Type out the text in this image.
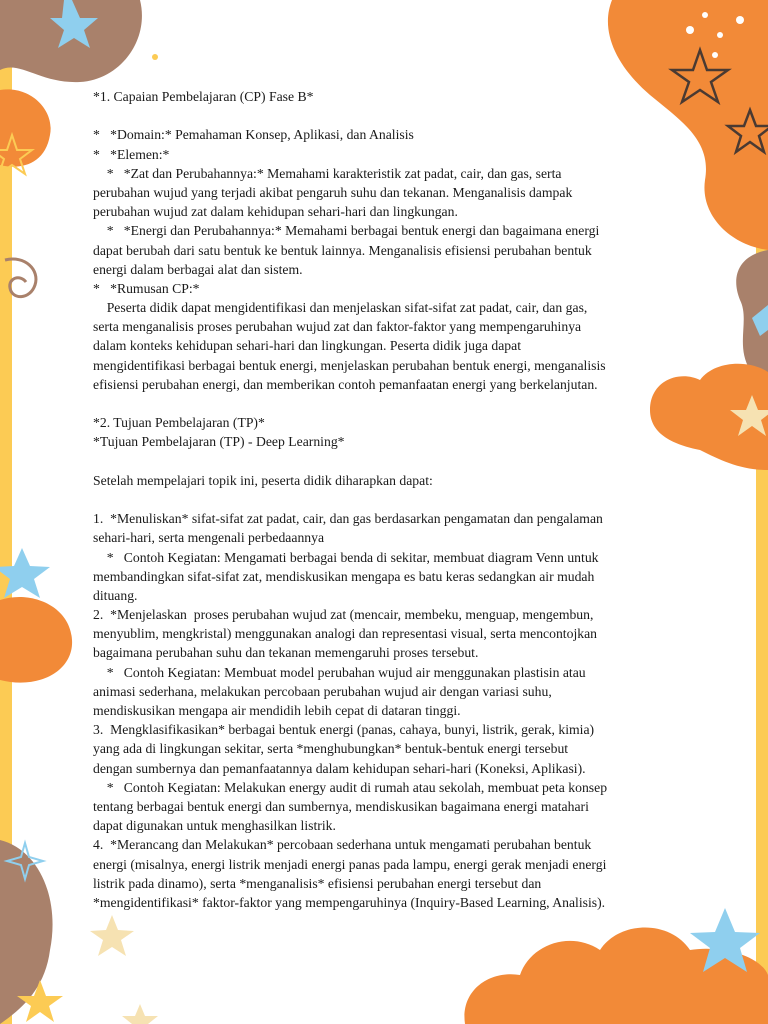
*1. Capaian Pembelajaran (CP) Fase B*
*   *Domain:* Pemahaman Konsep, Aplikasi, dan Analisis
*   *Elemen:*
*   *Zat dan Perubahannya:* Memahami karakteristik zat padat, cair, dan gas, serta
perubahan wujud yang terjadi akibat pengaruh suhu dan tekanan. Menganalisis dampak
perubahan wujud zat dalam kehidupan sehari-hari dan lingkungan.
*   *Energi dan Perubahannya:* Memahami berbagai bentuk energi dan bagaimana energi
dapat berubah dari satu bentuk ke bentuk lainnya. Menganalisis efisiensi perubahan bentuk
energi dalam berbagai alat dan sistem.
*   *Rumusan CP:*
Peserta didik dapat mengidentifikasi dan menjelaskan sifat-sifat zat padat, cair, dan gas,
serta menganalisis proses perubahan wujud zat dan faktor-faktor yang mempengaruhinya
dalam konteks kehidupan sehari-hari dan lingkungan. Peserta didik juga dapat
mengidentifikasi berbagai bentuk energi, menjelaskan perubahan bentuk energi, menganalisis
efisiensi perubahan energi, dan memberikan contoh pemanfaatan energi yang berkelanjutan.
*2. Tujuan Pembelajaran (TP)*
*Tujuan Pembelajaran (TP) - Deep Learning*
Setelah mempelajari topik ini, peserta didik diharapkan dapat:
1.  *Menuliskan* sifat-sifat zat padat, cair, dan gas berdasarkan pengamatan dan pengalaman
sehari-hari, serta mengenali perbedaannya
*   Contoh Kegiatan: Mengamati berbagai benda di sekitar, membuat diagram Venn untuk
membandingkan sifat-sifat zat, mendiskusikan mengapa es batu keras sedangkan air mudah
dituang.
2.  *Menjelaskan  proses perubahan wujud zat (mencair, membeku, menguap, mengembun,
menyublim, mengkristal) menggunakan analogi dan representasi visual, serta mencontojkan
bagaimana perubahan suhu dan tekanan memengaruhi proses tersebut.
*   Contoh Kegiatan: Membuat model perubahan wujud air menggunakan plastisin atau
animasi sederhana, melakukan percobaan perubahan wujud air dengan variasi suhu,
mendiskusikan mengapa air mendidih lebih cepat di dataran tinggi.
3.  Mengklasifikasikan* berbagai bentuk energi (panas, cahaya, bunyi, listrik, gerak, kimia)
yang ada di lingkungan sekitar, serta *menghubungkan* bentuk-bentuk energi tersebut
dengan sumbernya dan pemanfaatannya dalam kehidupan sehari-hari (Koneksi, Aplikasi).
*   Contoh Kegiatan: Melakukan energy audit di rumah atau sekolah, membuat peta konsep
tentang berbagai bentuk energi dan sumbernya, mendiskusikan bagaimana energi matahari
dapat digunakan untuk menghasilkan listrik.
4.  *Merancang dan Melakukan* percobaan sederhana untuk mengamati perubahan bentuk
energi (misalnya, energi listrik menjadi energi panas pada lampu, energi gerak menjadi energi
listrik pada dinamo), serta *menganalisis* efisiensi perubahan energi tersebut dan
*mengidentifikasi* faktor-faktor yang mempengaruhinya (Inquiry-Based Learning, Analisis).
